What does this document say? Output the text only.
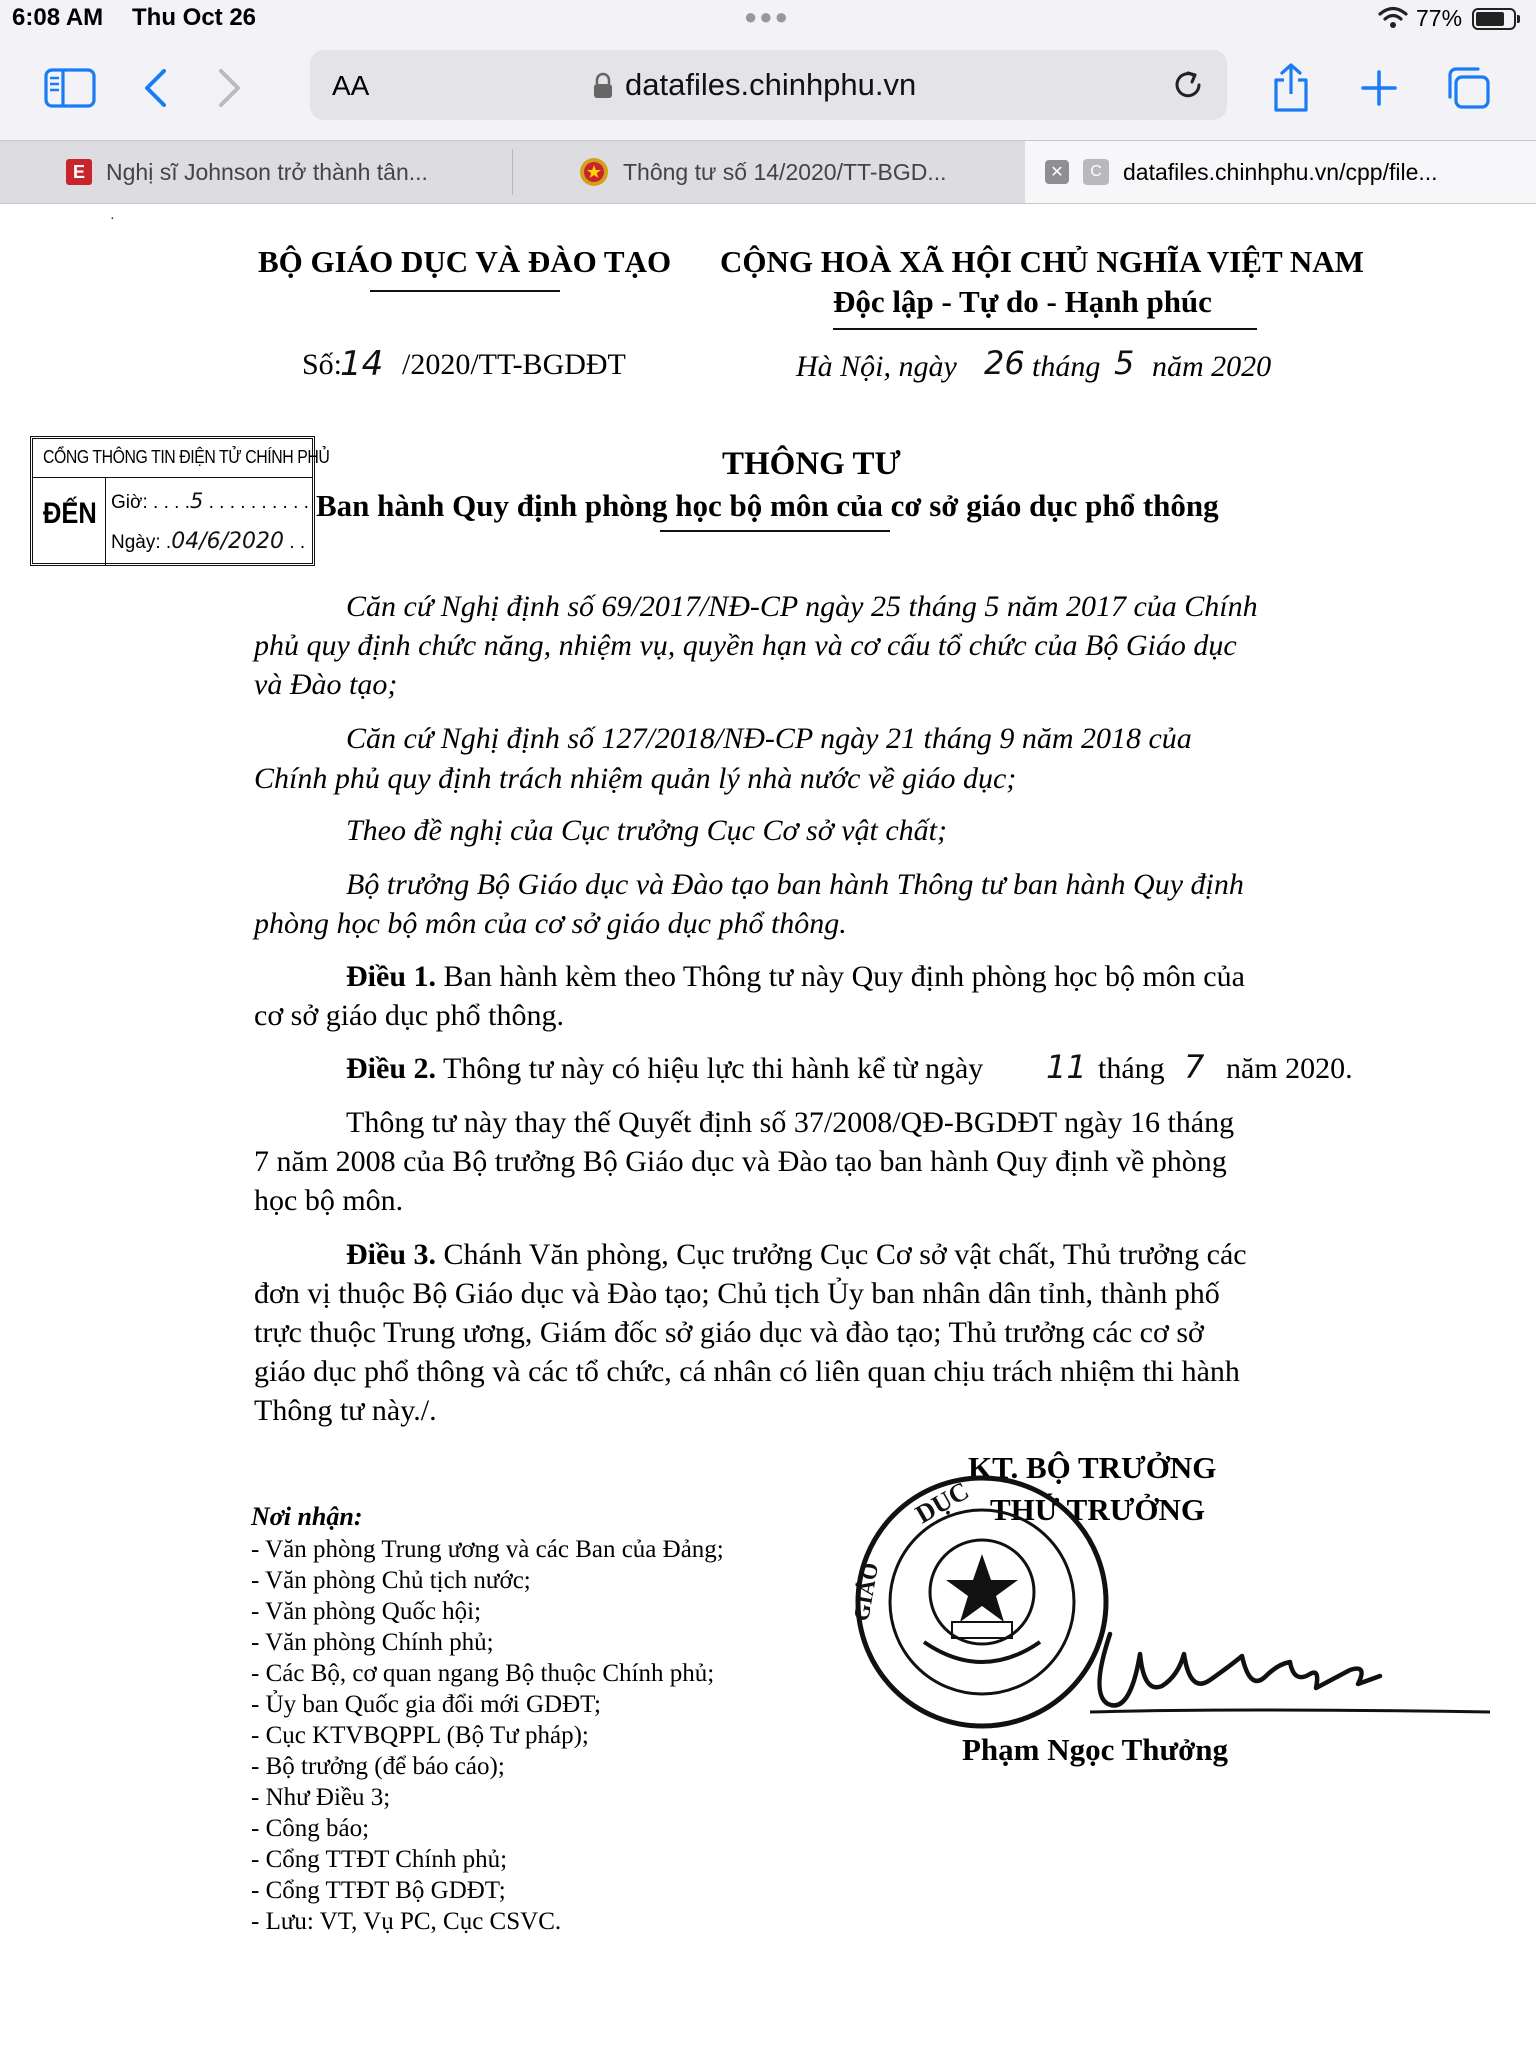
6:08 AM Thu Oct 26	●●●	77%
AA	datafiles.chinhphu.vn
E Nghị sĩ Johnson trở thành tân...	Thông tư số 14/2020/TT-BGD...	✕	C datafiles.chinhphu.vn/cpp/file...
·
BỘ GIÁO DỤC VÀ ĐÀO TẠO CỘNG HOÀ XÃ HỘI CHỦ NGHĨA VIỆT NAM
Độc lập - Tự do - Hạnh phúc
Số:
14 /2020/TT-BGDĐT	Hà Nội, ngày 26 tháng 5 năm 2020
CỔNG THÔNG TIN ĐIỆN TỬ CHÍNH PHỦ
ĐẾN Giờ: . . . .5 . . . . . . . . . .
Ngày: .04/6/2020 . .
THÔNG TƯ
Ban hành Quy định phòng học bộ môn của cơ sở giáo dục phổ thông
Căn cứ Nghị định số 69/2017/NĐ-CP ngày 25 tháng 5 năm 2017 của Chính
phủ quy định chức năng, nhiệm vụ, quyền hạn và cơ cấu tổ chức của Bộ Giáo dục
và Đào tạo;
Căn cứ Nghị định số 127/2018/NĐ-CP ngày 21 tháng 9 năm 2018 của
Chính phủ quy định trách nhiệm quản lý nhà nước về giáo dục;
Theo đề nghị của Cục trưởng Cục Cơ sở vật chất;
Bộ trưởng Bộ Giáo dục và Đào tạo ban hành Thông tư ban hành Quy định
phòng học bộ môn của cơ sở giáo dục phổ thông.
Điều 1. Ban hành kèm theo Thông tư này Quy định phòng học bộ môn của
cơ sở giáo dục phổ thông.
Điều 2. Thông tư này có hiệu lực thi hành kể từ ngày 11 tháng 7 năm 2020.
Thông tư này thay thế Quyết định số 37/2008/QĐ-BGDĐT ngày 16 tháng
7 năm 2008 của Bộ trưởng Bộ Giáo dục và Đào tạo ban hành Quy định về phòng
học bộ môn.
Điều 3. Chánh Văn phòng, Cục trưởng Cục Cơ sở vật chất, Thủ trưởng các
đơn vị thuộc Bộ Giáo dục và Đào tạo; Chủ tịch Ủy ban nhân dân tỉnh, thành phố
trực thuộc Trung ương, Giám đốc sở giáo dục và đào tạo; Thủ trưởng các cơ sở
giáo dục phổ thông và các tổ chức, cá nhân có liên quan chịu trách nhiệm thi hành
Thông tư này./.
Nơi nhận:
- Văn phòng Trung ương và các Ban của Đảng;
- Văn phòng Chủ tịch nước;
- Văn phòng Quốc hội;
- Văn phòng Chính phủ;
- Các Bộ, cơ quan ngang Bộ thuộc Chính phủ;
- Ủy ban Quốc gia đổi mới GDĐT;
- Cục KTVBQPPL (Bộ Tư pháp);
- Bộ trưởng (để báo cáo);
- Như Điều 3;
- Công báo;
- Cổng TTĐT Chính phủ;
- Cổng TTĐT Bộ GDĐT;
- Lưu: VT, Vụ PC, Cục CSVC.
KT. BỘ TRƯỞNG
THỨ TRƯỞNG
DỤC
GIÁO
Phạm Ngọc Thưởng
